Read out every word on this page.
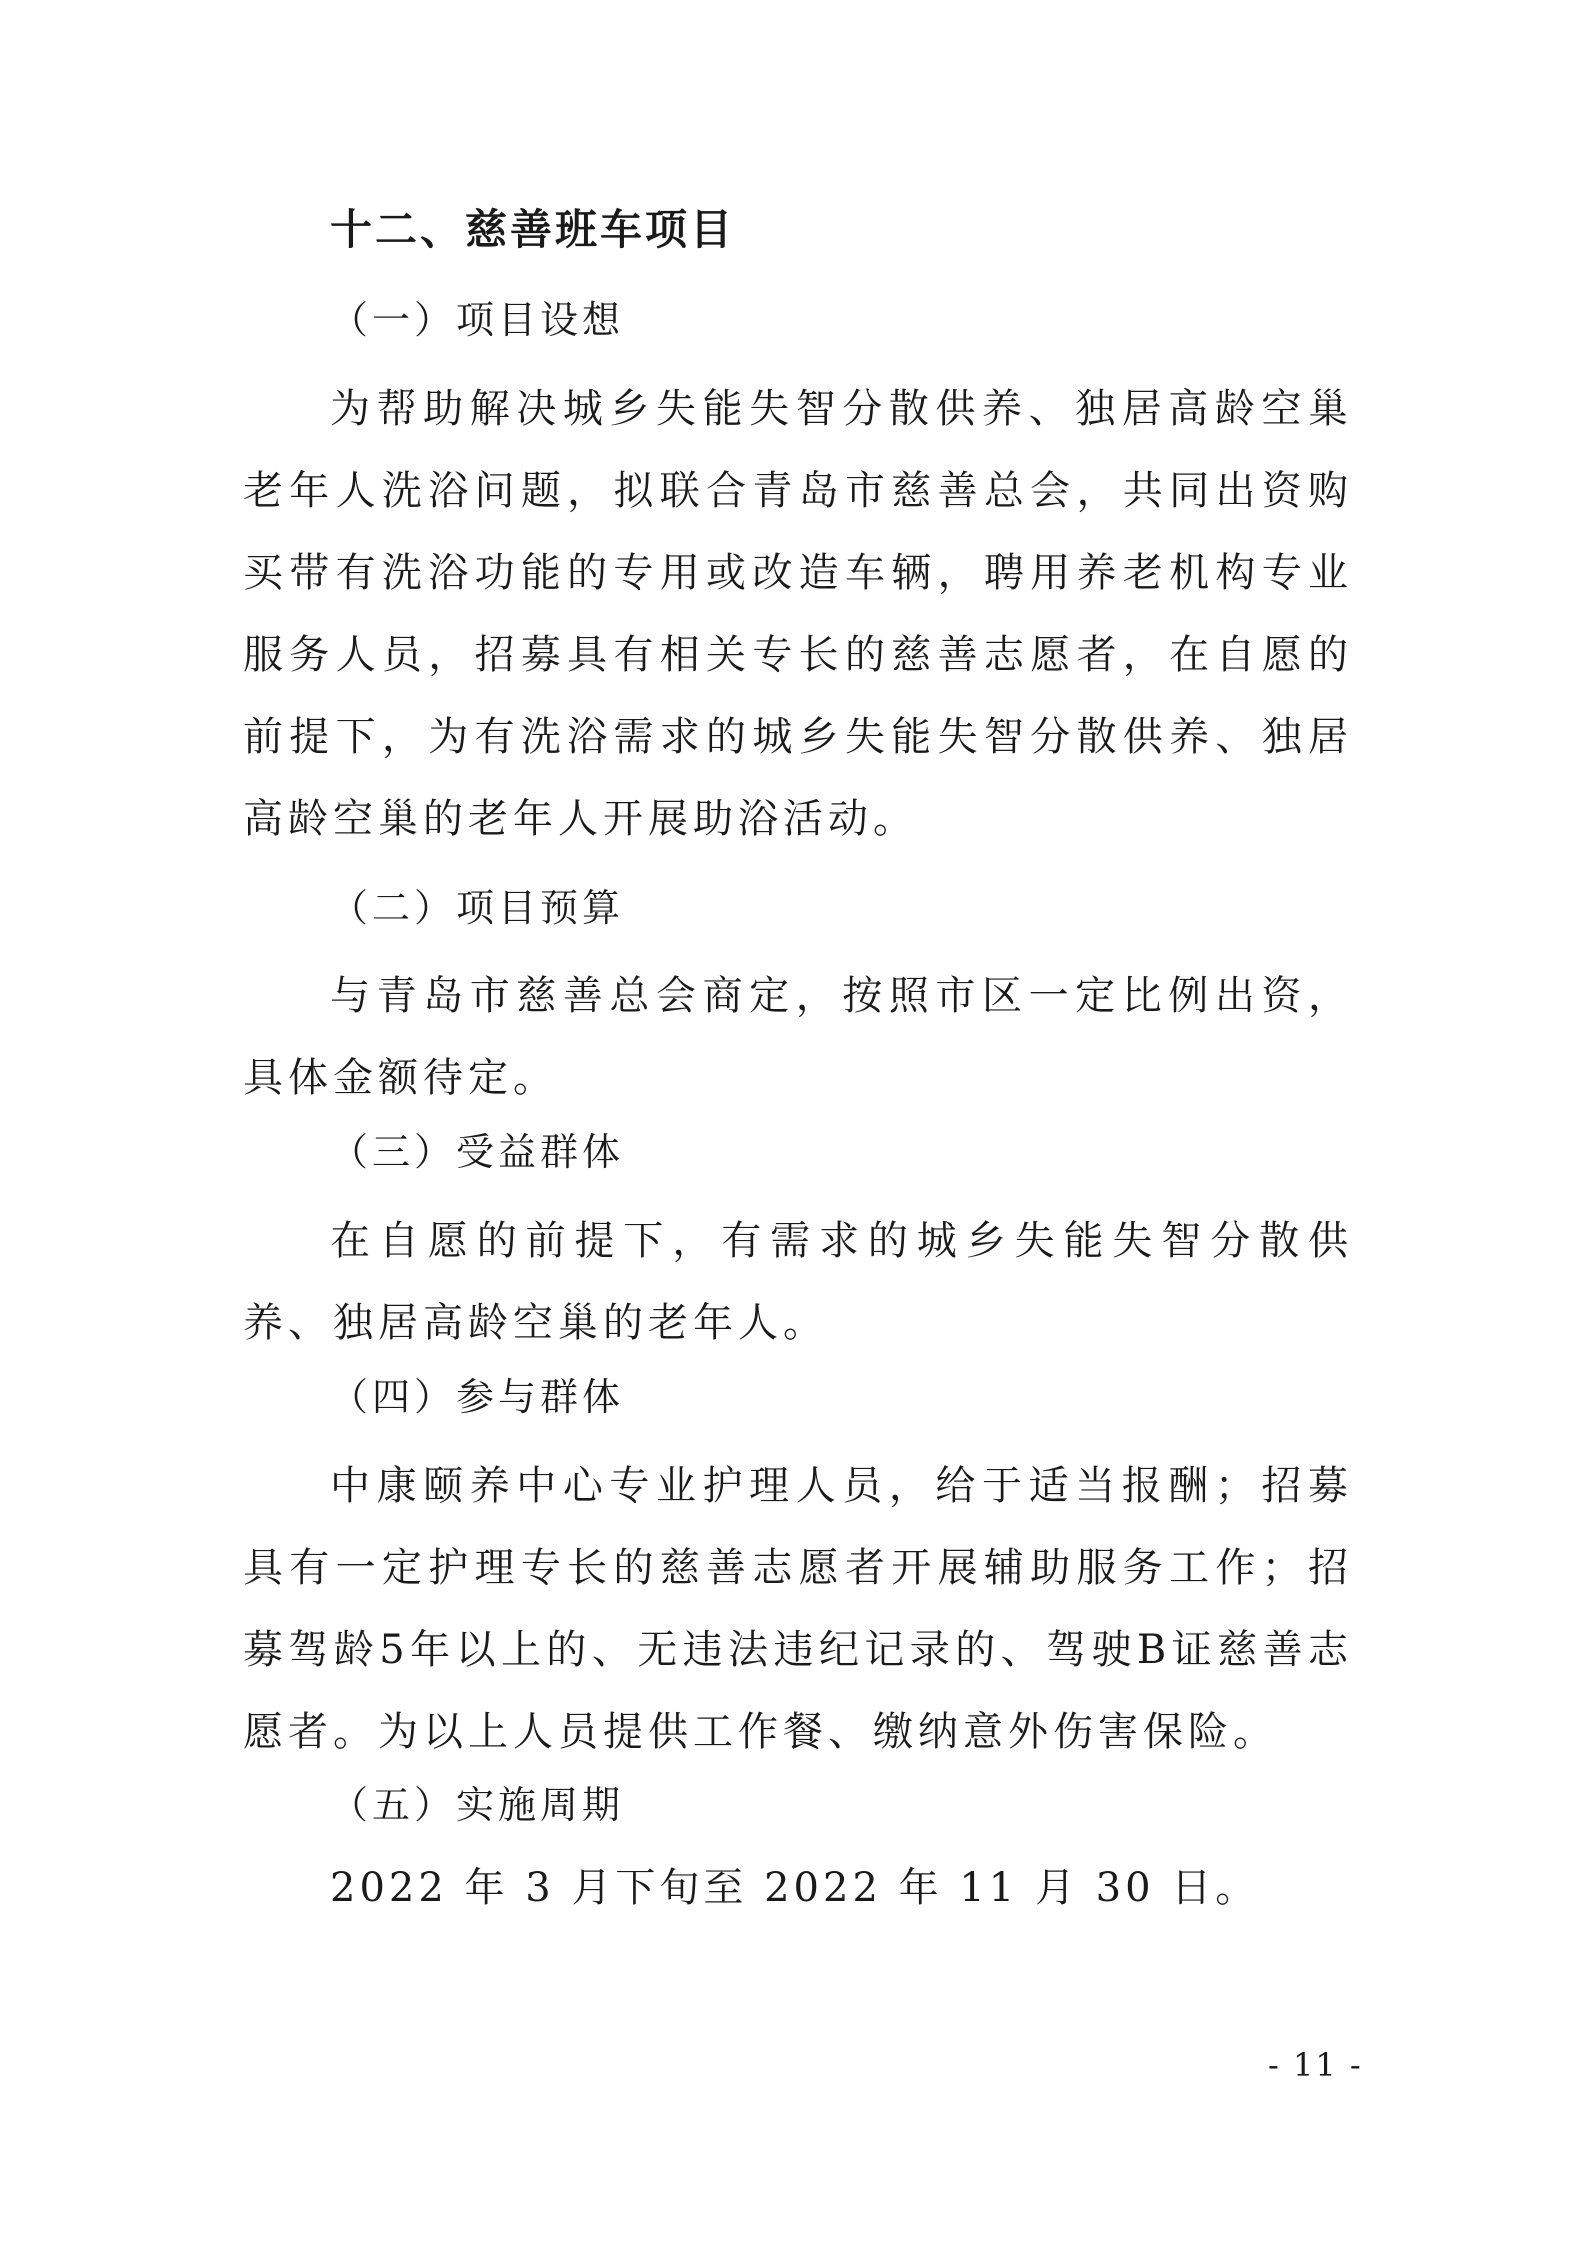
十二、慈善班车项目

（一）项目设想

为帮助解决城乡失能失智分散供养、独居高龄空巢老年人洗浴问题，拟联合青岛市慈善总会，共同出资购买带有洗浴功能的专用或改造车辆，聘用养老机构专业服务人员，招募具有相关专长的慈善志愿者，在自愿的前提下，为有洗浴需求的城乡失能失智分散供养、独居高龄空巢的老年人开展助浴活动。

（二）项目预算

与青岛市慈善总会商定，按照市区一定比例出资，具体金额待定。

（三）受益群体

在自愿的前提下，有需求的城乡失能失智分散供养、独居高龄空巢的老年人。

（四）参与群体

中康颐养中心专业护理人员，给于适当报酬；招募具有一定护理专长的慈善志愿者开展辅助服务工作；招募驾龄5年以上的、无违法违纪记录的、驾驶B证慈善志愿者。为以上人员提供工作餐、缴纳意外伤害保险。

（五）实施周期

2022 年 3 月下旬至 2022 年 11 月 30 日。

- 11 -
